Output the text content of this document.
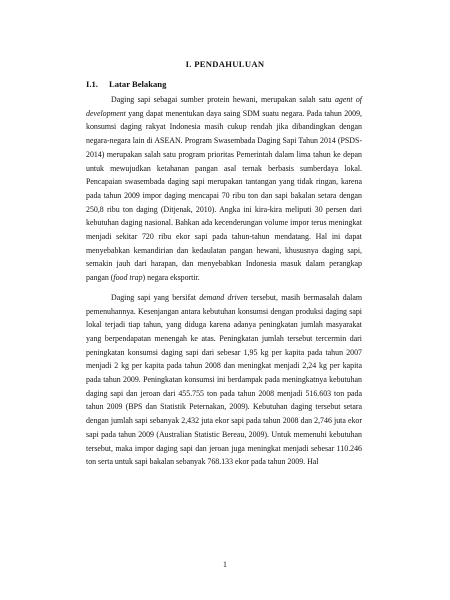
I. PENDAHULUAN
I.1. Latar Belakang

Daging sapi sebagai sumber protein hewani, merupakan salah satu agent of development yang dapat menentukan daya saing SDM suatu negara. Pada tahun 2009, konsumsi daging rakyat Indonesia masih cukup rendah jika dibandingkan dengan negara-negara lain di ASEAN. Program Swasembada Daging Sapi Tahun 2014 (PSDS-2014) merupakan salah satu program prioritas Pemerintah dalam lima tahun ke depan untuk mewujudkan ketahanan pangan asal ternak berbasis sumberdaya lokal. Pencapaian swasembada daging sapi merupakan tantangan yang tidak ringan, karena pada tahun 2009 impor daging mencapai 70 ribu ton dan sapi bakalan setara dengan 250,8 ribu ton daging (Ditjenak, 2010). Angka ini kira-kira meliputi 30 persen dari kebutuhan daging nasional. Bahkan ada kecenderungan volume impor terus meningkat menjadi sekitar 720 ribu ekor sapi pada tahun-tahun mendatang. Hal ini dapat menyebabkan kemandirian dan kedaulatan pangan hewani, khususnya daging sapi, semakin jauh dari harapan, dan menyebabkan Indonesia masuk dalam perangkap pangan (food trap) negara eksportir.

Daging sapi yang bersifat demand driven tersebut, masih bermasalah dalam pemenuhannya. Kesenjangan antara kebutuhan konsumsi dengan produksi daging sapi lokal terjadi tiap tahun, yang diduga karena adanya peningkatan jumlah masyarakat yang berpendapatan menengah ke atas. Peningkatan jumlah tersebut tercermin dari peningkatan konsumsi daging sapi dari sebesar 1,95 kg per kapita pada tahun 2007 menjadi 2 kg per kapita pada tahun 2008 dan meningkat menjadi 2,24 kg per kapita pada tahun 2009. Peningkatan konsumsi ini berdampak pada meningkatnya kebutuhan daging sapi dan jeroan dari 455.755 ton pada tahun 2008 menjadi 516.603 ton pada tahun 2009 (BPS dan Statistik Peternakan, 2009). Kebutuhan daging tersebut setara dengan jumlah sapi sebanyak 2,432 juta ekor sapi pada tahun 2008 dan 2,746 juta ekor sapi pada tahun 2009 (Australian Statistic Bereau, 2009). Untuk memenuhi kebutuhan tersebut, maka impor daging sapi dan jeroan juga meningkat menjadi sebesar 110.246 ton serta untuk sapi bakalan sebanyak 768.133 ekor pada tahun 2009. Hal

1
